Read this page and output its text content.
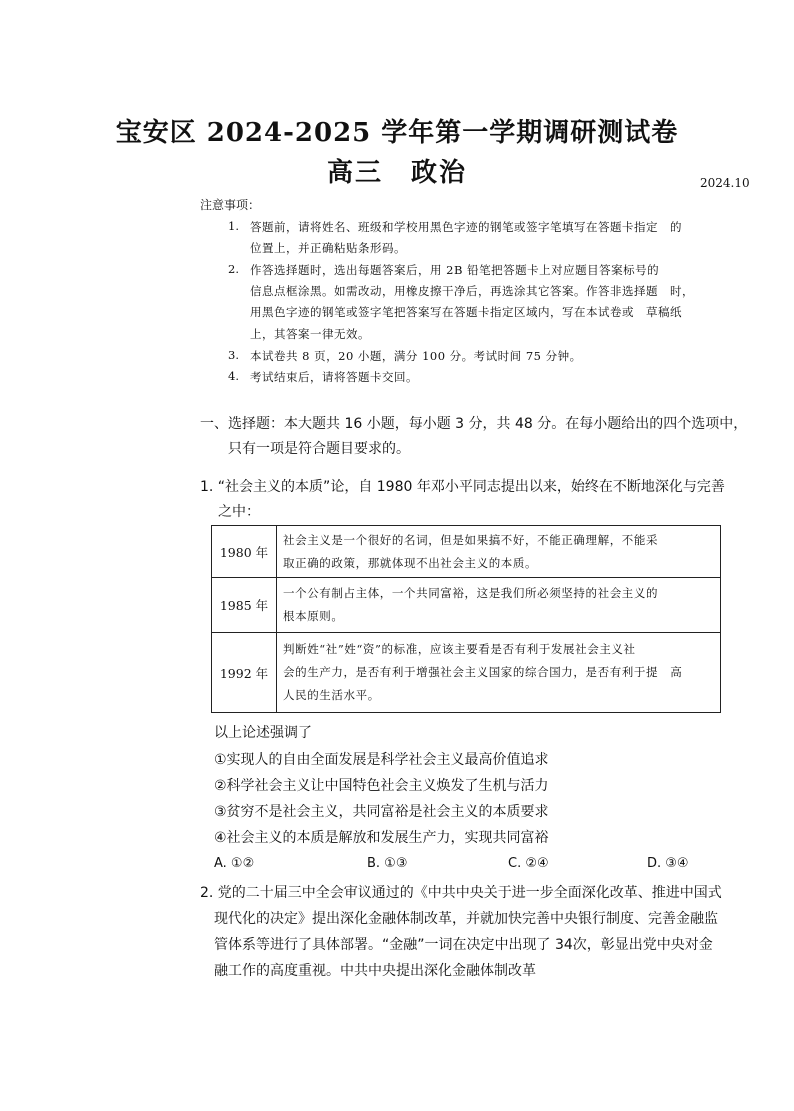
宝安区 2024-2025 学年第一学期调研测试卷
高三　政治	2024.10
注意事项：
1. 答题前，请将姓名、班级和学校用黑色字迹的钢笔或签字笔填写在答题卡指定　的
位置上，并正确粘贴条形码。
2. 作答选择题时，选出每题答案后，用 2B 铅笔把答题卡上对应题目答案标号的
信息点框涂黑。如需改动，用橡皮擦干净后，再选涂其它答案。作答非选择题　时，
用黑色字迹的钢笔或签字笔把答案写在答题卡指定区域内，写在本试卷或　草稿纸
上，其答案一律无效。
3. 本试卷共 8 页，20 小题，满分 100 分。考试时间 75 分钟。
4. 考试结束后，请将答题卡交回。
一、选择题：本大题共 16 小题，每小题 3 分，共 48 分。在每小题给出的四个选项中，
只有一项是符合题目要求的。
1. “社会主义的本质”论，自 1980 年邓小平同志提出以来，始终在不断地深化与完善
之中：
1980 年	社会主义是一个很好的名词，但是如果搞不好，不能正确理解，不能采
取正确的政策，那就体现不出社会主义的本质。

1985 年	一个公有制占主体，一个共同富裕，这是我们所必须坚持的社会主义的
根本原则。

1992 年	判断姓“社”姓“资”的标准，应该主要看是否有利于发展社会主义社
会的生产力，是否有利于增强社会主义国家的综合国力，是否有利于提　高
人民的生活水平。
以上论述强调了
①实现人的自由全面发展是科学社会主义最高价值追求
②科学社会主义让中国特色社会主义焕发了生机与活力
③贫穷不是社会主义，共同富裕是社会主义的本质要求
④社会主义的本质是解放和发展生产力，实现共同富裕
A. ①②	B. ①③	C. ②④	D. ③④
2. 党的二十届三中全会审议通过的《中共中央关于进一步全面深化改革、推进中国式
现代化的决定》提出深化金融体制改革，并就加快完善中央银行制度、完善金融监
管体系等进行了具体部署。“金融”一词在决定中出现了 34次，彰显出党中央对金
融工作的高度重视。中共中央提出深化金融体制改革
